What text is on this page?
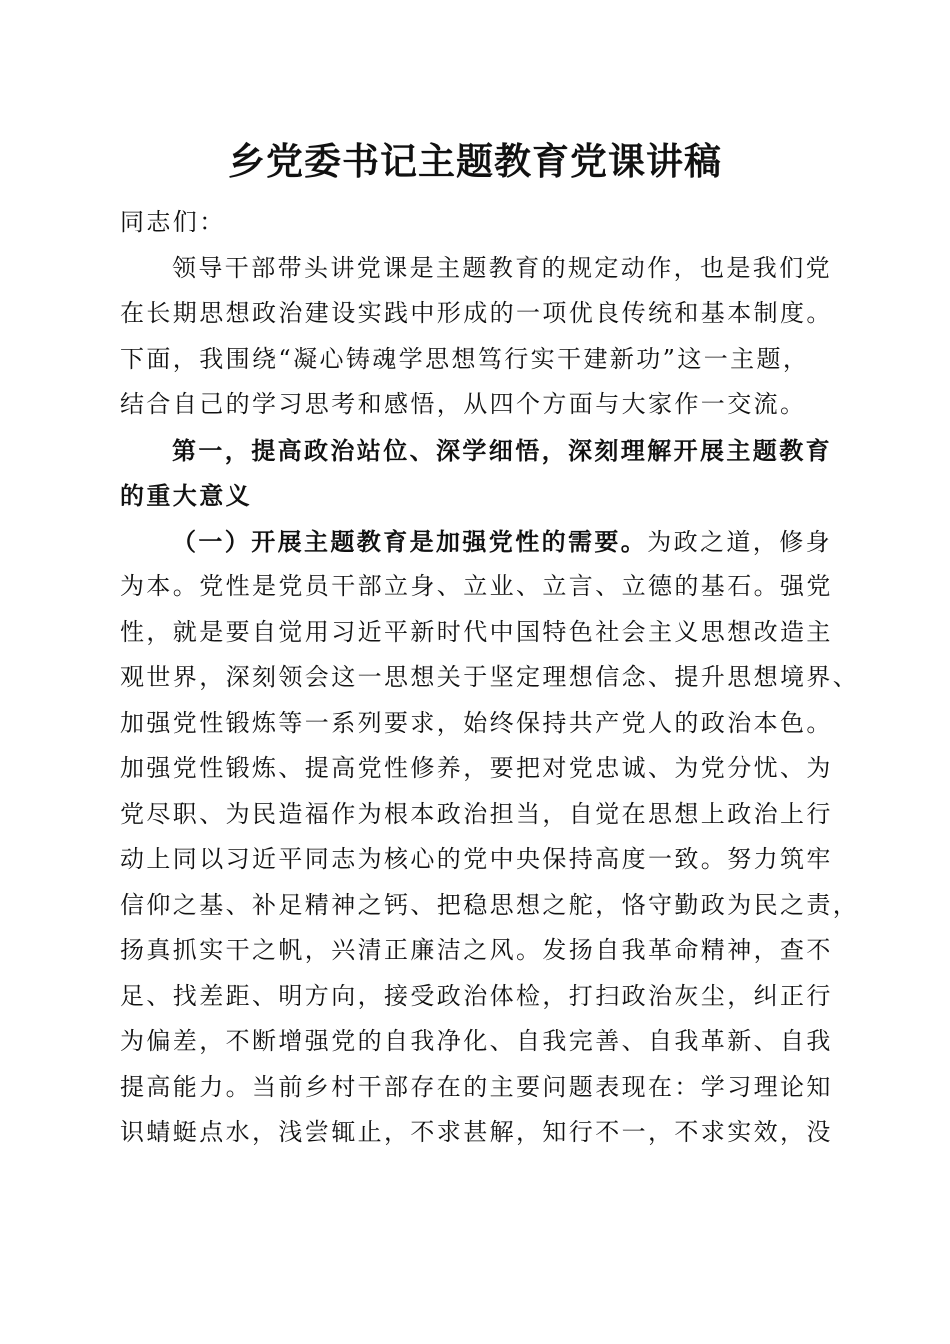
乡党委书记主题教育党课讲稿

同志们：

领导干部带头讲党课是主题教育的规定动作，也是我们党

在长期思想政治建设实践中形成的一项优良传统和基本制度。

下面，我围绕“凝心铸魂学思想笃行实干建新功”这一主题，

结合自己的学习思考和感悟，从四个方面与大家作一交流。

第一，提高政治站位、深学细悟，深刻理解开展主题教育

的重大意义

（一）开展主题教育是加强党性的需要。为政之道，修身

为本。党性是党员干部立身、立业、立言、立德的基石。强党

性，就是要自觉用习近平新时代中国特色社会主义思想改造主

观世界，深刻领会这一思想关于坚定理想信念、提升思想境界、

加强党性锻炼等一系列要求，始终保持共产党人的政治本色。

加强党性锻炼、提高党性修养，要把对党忠诚、为党分忧、为

党尽职、为民造福作为根本政治担当，自觉在思想上政治上行

动上同以习近平同志为核心的党中央保持高度一致。努力筑牢

信仰之基、补足精神之钙、把稳思想之舵，恪守勤政为民之责，

扬真抓实干之帆，兴清正廉洁之风。发扬自我革命精神，查不

足、找差距、明方向，接受政治体检，打扫政治灰尘，纠正行

为偏差，不断增强党的自我净化、自我完善、自我革新、自我

提高能力。当前乡村干部存在的主要问题表现在：学习理论知

识蜻蜓点水，浅尝辄止，不求甚解，知行不一，不求实效，没
